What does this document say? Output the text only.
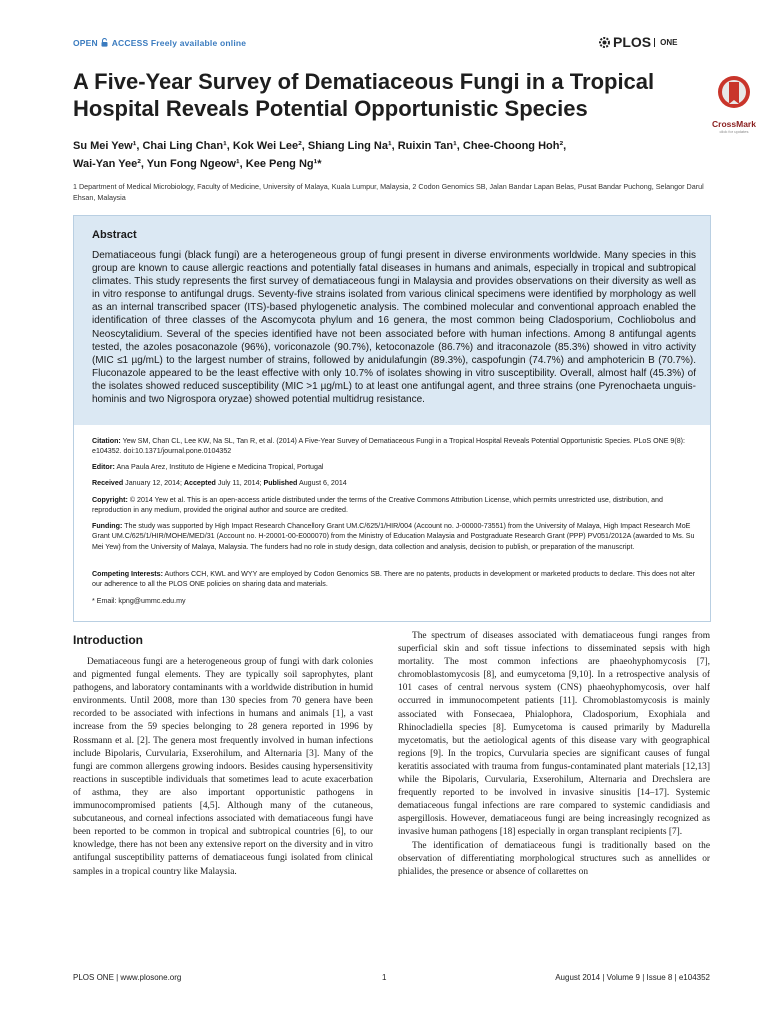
OPEN ACCESS Freely available online	PLOS ONE
A Five-Year Survey of Dematiaceous Fungi in a Tropical Hospital Reveals Potential Opportunistic Species
CrossMark
click for updates
Su Mei Yew¹, Chai Ling Chan¹, Kok Wei Lee², Shiang Ling Na¹, Ruixin Tan¹, Chee-Choong Hoh²,
Wai-Yan Yee², Yun Fong Ngeow¹, Kee Peng Ng¹*
1 Department of Medical Microbiology, Faculty of Medicine, University of Malaya, Kuala Lumpur, Malaysia, 2 Codon Genomics SB, Jalan Bandar Lapan Belas, Pusat Bandar Puchong, Selangor Darul Ehsan, Malaysia
Abstract
Dematiaceous fungi (black fungi) are a heterogeneous group of fungi present in diverse environments worldwide. Many species in this group are known to cause allergic reactions and potentially fatal diseases in humans and animals, especially in tropical and subtropical climates. This study represents the first survey of dematiaceous fungi in Malaysia and provides observations on their diversity as well as in vitro response to antifungal drugs. Seventy-five strains isolated from various clinical specimens were identified by morphology as well as an internal transcribed spacer (ITS)-based phylogenetic analysis. The combined molecular and conventional approach enabled the identification of three classes of the Ascomycota phylum and 16 genera, the most common being Cladosporium, Cochliobolus and Neoscytalidium. Several of the species identified have not been associated before with human infections. Among 8 antifungal agents tested, the azoles posaconazole (96%), voriconazole (90.7%), ketoconazole (86.7%) and itraconazole (85.3%) showed in vitro activity (MIC ≤1 µg/mL) to the largest number of strains, followed by anidulafungin (89.3%), caspofungin (74.7%) and amphotericin B (70.7%). Fluconazole appeared to be the least effective with only 10.7% of isolates showing in vitro susceptibility. Overall, almost half (45.3%) of the isolates showed reduced susceptibility (MIC >1 µg/mL) to at least one antifungal agent, and three strains (one Pyrenochaeta unguis-hominis and two Nigrospora oryzae) showed potential multidrug resistance.
Citation: Yew SM, Chan CL, Lee KW, Na SL, Tan R, et al. (2014) A Five-Year Survey of Dematiaceous Fungi in a Tropical Hospital Reveals Potential Opportunistic Species. PLoS ONE 9(8): e104352. doi:10.1371/journal.pone.0104352
Editor: Ana Paula Arez, Instituto de Higiene e Medicina Tropical, Portugal
Received January 12, 2014; Accepted July 11, 2014; Published August 6, 2014
Copyright: © 2014 Yew et al. This is an open-access article distributed under the terms of the Creative Commons Attribution License, which permits unrestricted use, distribution, and reproduction in any medium, provided the original author and source are credited.
Funding: The study was supported by High Impact Research Chancellory Grant UM.C/625/1/HIR/004 (Account no. J-00000-73551) from the University of Malaya, High Impact Research MoE Grant UM.C/625/1/HIR/MOHE/MED/31 (Account no. H-20001-00-E000070) from the Ministry of Education Malaysia and Postgraduate Research Grant (PPP) PV051/2012A (awarded to Ms. Su Mei Yew) from the University of Malaya, Malaysia. The funders had no role in study design, data collection and analysis, decision to publish, or preparation of the manuscript.
Competing Interests: Authors CCH, KWL and WYY are employed by Codon Genomics SB. There are no patents, products in development or marketed products to declare. This does not alter our adherence to all the PLOS ONE policies on sharing data and materials.
* Email: kpng@ummc.edu.my
Introduction

Dematiaceous fungi are a heterogeneous group of fungi with dark colonies and pigmented fungal elements. They are typically soil saprophytes, plant pathogens, and laboratory contaminants with a worldwide distribution in humid environments. Until 2008, more than 130 species from 70 genera have been recorded to be associated with infections in humans and animals [1], a vast increase from the 59 species belonging to 28 genera reported in 1996 by Rossmann et al. [2]. The genera most frequently involved in human infections include Bipolaris, Curvularia, Exserohilum, and Alternaria [3]. Many of the fungi are common allergens growing indoors. Besides causing hypersensitivity reactions in susceptible individuals that sometimes lead to acute exacerbation of asthma, they are also important opportunistic pathogens in immunocompromised patients [4,5]. Although many of the cutaneous, subcutaneous, and corneal infections associated with dematiaceous fungi have been reported to be common in tropical and subtropical countries [6], to our knowledge, there has not been any extensive report on the diversity and in vitro antifungal susceptibility patterns of dematiaceous fungi isolated from clinical samples in a tropical country like Malaysia.

The spectrum of diseases associated with dematiaceous fungi ranges from superficial skin and soft tissue infections to disseminated sepsis with high mortality. The most common infections are phaeohyphomycosis [7], chromoblastomycosis [8], and eumycetoma [9,10]. In a retrospective analysis of 101 cases of central nervous system (CNS) phaeohyphomycosis, over half occurred in immunocompetent patients [11]. Chromoblastomycosis is mainly associated with Fonsecaea, Phialophora, Cladosporium, Exophiala and Rhinocladiella species [8]. Eumycetoma is caused primarily by Madurella mycetomatis, but the aetiological agents of this disease vary with geographical regions [9]. In the tropics, Curvularia species are significant causes of fungal keratitis associated with trauma from fungus-contaminated plant materials [12,13] while the Bipolaris, Curvularia, Exserohilum, Alternaria and Drechslera are frequently reported to be involved in invasive sinusitis [14–17]. Systemic dematiaceous fungal infections are rare compared to systemic candidiasis and aspergillosis. However, dematiaceous fungi are being increasingly recognized as invasive human pathogens [18] especially in organ transplant recipients [7].

The identification of dematiaceous fungi is traditionally based on the observation of differentiating morphological structures such as annellides or phialides, the presence or absence of collarettes on

PLOS ONE | www.plosone.org	1	August 2014 | Volume 9 | Issue 8 | e104352
